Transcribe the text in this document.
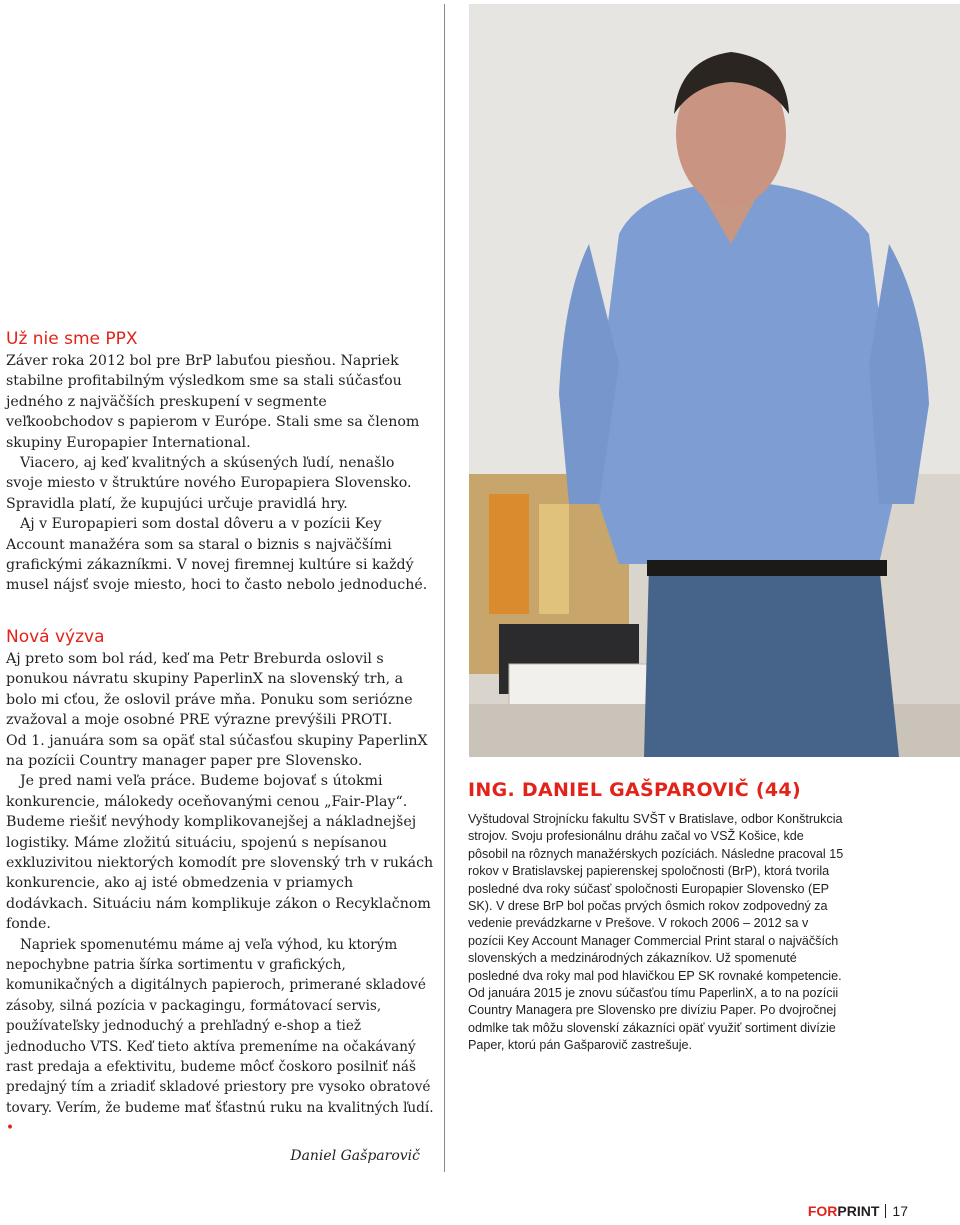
Už nie sme PPX

Záver roka 2012 bol pre BrP labuťou piesňou. Napriek stabilne profitabilným výsledkom sme sa stali súčasťou jedného z najväčších preskupení v segmente veľkoobchodov s papierom v Európe. Stali sme sa členom skupiny Europapier International.

Viacero, aj keď kvalitných a skúsených ľudí, nenašlo svoje miesto v štruktúre nového Europapiera Slovensko. Spravidla platí, že kupujúci určuje pravidlá hry.

Aj v Europapieri som dostal dôveru a v pozícii Key Account manažéra som sa staral o biznis s najväčšími grafickými zákazníkmi. V novej firemnej kultúre si každý musel nájsť svoje miesto, hoci to často nebolo jednoduché.

Nová výzva

Aj preto som bol rád, keď ma Petr Breburda oslovil s ponukou návratu skupiny PaperlinX na slovenský trh, a bolo mi cťou, že oslovil práve mňa. Ponuku som seriózne zvažoval a moje osobné PRE výrazne prevýšili PROTI.

Od 1. januára som sa opäť stal súčasťou skupiny PaperlinX na pozícii Country manager paper pre Slovensko.

Je pred nami veľa práce. Budeme bojovať s útokmi konkurencie, málokedy oceňovanými cenou „Fair-Play“. Budeme riešiť nevýhody komplikovanejšej a nákladnejšej logistiky. Máme zložitú situáciu, spojenú s nepísanou exkluzivitou niektorých komodít pre slovenský trh v rukách konkurencie, ako aj isté obmedzenia v priamych dodávkach. Situáciu nám komplikuje zákon o Recyklačnom fonde.

Napriek spomenutému máme aj veľa výhod, ku ktorým nepochybne patria šírka sortimentu v grafických, komunikačných a digitálnych papieroch, primerané skladové zásoby, silná pozícia v packagingu, formátovací servis, používateľsky jednoduchý a prehľadný e-shop a tiež jednoducho VTS. Keď tieto aktíva premeníme na očakávaný rast predaja a efektivitu, budeme môcť čoskoro posilniť náš predajný tím a zriadiť skladové priestory pre vysoko obratové tovary. Verím, že budeme mať šťastnú ruku na kvalitných ľudí. •

Daniel Gašparovič
ING. DANIEL GAŠPAROVIČ (44)

Vyštudoval Strojnícku fakultu SVŠT v Bratislave, odbor Konštrukcia strojov. Svoju profesionálnu dráhu začal vo VSŽ Košice, kde pôsobil na rôznych manažérskych pozíciách. Následne pracoval 15 rokov v Bratislavskej papierenskej spoločnosti (BrP), ktorá tvorila posledné dva roky súčasť spoločnosti Europapier Slovensko (EP SK). V drese BrP bol počas prvých ôsmich rokov zodpovedný za vedenie prevádzkarne v Prešove. V rokoch 2006 – 2012 sa v pozícii Key Account Manager Commercial Print staral o najväčších slovenských a medzinárodných zákazníkov. Už spomenuté posledné dva roky mal pod hlavičkou EP SK rovnaké kompetencie. Od januára 2015 je znovu súčasťou tímu PaperlinX, a to na pozícii Country Managera pre Slovensko pre divíziu Paper. Po dvojročnej odmlke tak môžu slovenskí zákazníci opäť využiť sortiment divízie Paper, ktorú pán Gašparovič zastrešuje.

FORPRINT 17
